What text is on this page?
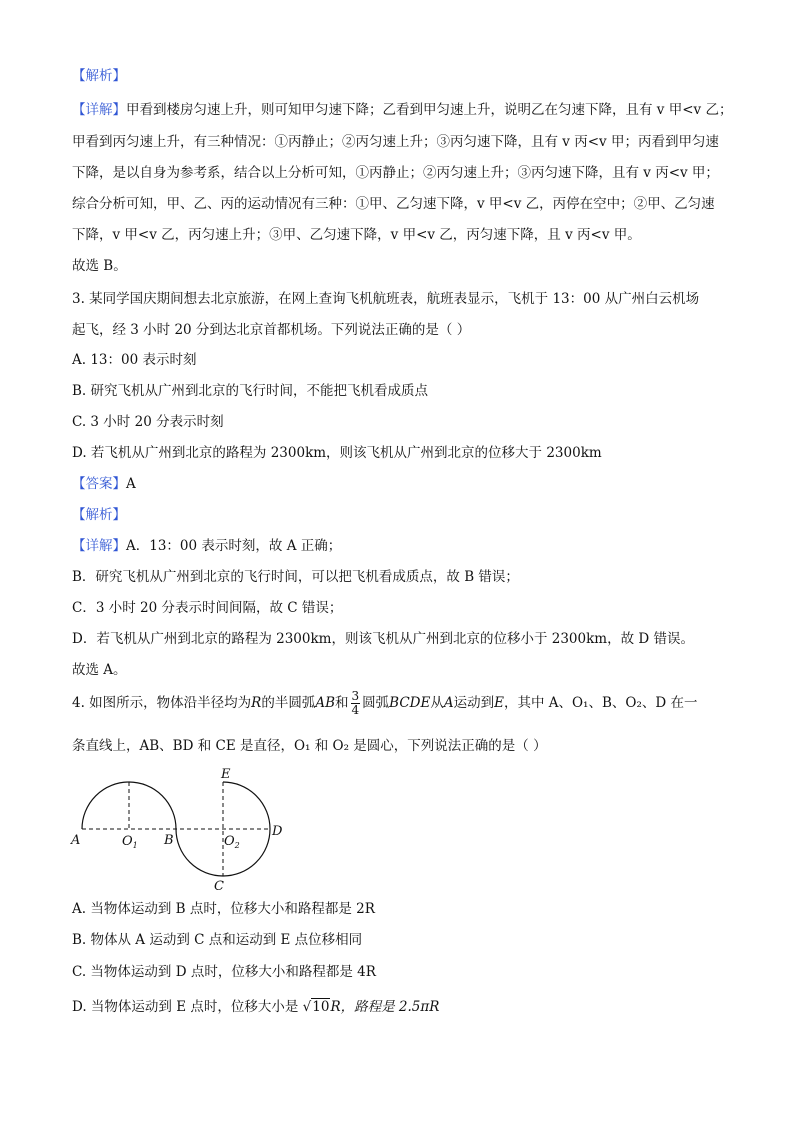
【解析】
【详解】甲看到楼房匀速上升，则可知甲匀速下降；乙看到甲匀速上升，说明乙在匀速下降，且有 v 甲<v 乙；
甲看到丙匀速上升，有三种情况：①丙静止；②丙匀速上升；③丙匀速下降，且有 v 丙<v 甲；丙看到甲匀速
下降，是以自身为参考系，结合以上分析可知，①丙静止；②丙匀速上升；③丙匀速下降，且有 v 丙<v 甲；
综合分析可知，甲、乙、丙的运动情况有三种：①甲、乙匀速下降，v 甲<v 乙，丙停在空中；②甲、乙匀速
下降，v 甲<v 乙，丙匀速上升；③甲、乙匀速下降，v 甲<v 乙，丙匀速下降，且 v 丙<v 甲。
故选 B。
3. 某同学国庆期间想去北京旅游，在网上查询飞机航班表，航班表显示，飞机于 13：00 从广州白云机场
起飞，经 3 小时 20 分到达北京首都机场。下列说法正确的是（ ）
A. 13：00 表示时刻
B. 研究飞机从广州到北京的飞行时间，不能把飞机看成质点
C. 3 小时 20 分表示时刻
D. 若飞机从广州到北京的路程为 2300km，则该飞机从广州到北京的位移大于 2300km
【答案】A
【解析】
【详解】A．13：00 表示时刻，故 A 正确；
B．研究飞机从广州到北京的飞行时间，可以把飞机看成质点，故 B 错误；
C．3 小时 20 分表示时间间隔，故 C 错误；
D．若飞机从广州到北京的路程为 2300km，则该飞机从广州到北京的位移小于 2300km，故 D 错误。
故选 A。
4. 如图所示，物体沿半径均为R的半圆弧AB和 $\frac{3}{4}$ 圆弧BCDE从A运动到E，其中 A、O₁、B、O₂、D 在一
条直线上，AB、BD 和 CE 是直径，O₁ 和 O₂ 是圆心，下列说法正确的是（ ）
A	$O_1$ B	$O_2$
D
C
E
A. 当物体运动到 B 点时，位移大小和路程都是 2R
B. 物体从 A 运动到 C 点和运动到 E 点位移相同
C. 当物体运动到 D 点时，位移大小和路程都是 4R
D. 当物体运动到 E 点时，位移大小是 √10R，路程是 2.5πR
